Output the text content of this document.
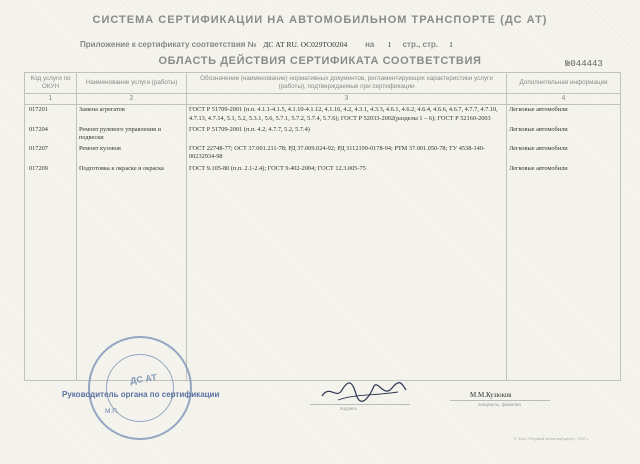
СИСТЕМА СЕРТИФИКАЦИИ НА АВТОМОБИЛЬНОМ ТРАНСПОРТЕ (ДС АТ)
Приложение к сертификату соответствия № ДС АТ RU. ОС029ТО0204 на 1 стр., стр. 1
ОБЛАСТЬ ДЕЙСТВИЯ СЕРТИФИКАТА СООТВЕТСТВИЯ	№044443
Код услуги по ОКУН	Наименование услуги (работы)	Обозначение (наименование) нормативных документов, регламентирующих характеристики услуги (работы), подтверждаемые при сертификации	Дополнительная информация
1	2	3	4
017201	Замена агрегатов	ГОСТ Р 51709-2001 (п.п. 4.1.1-4.1.5, 4.1.10-4.1.12, 4.1.16, 4.2, 4.3.1, 4.3.3, 4.6.1, 4.6.2, 4.6.4, 4.6.6, 4.6.7, 4.7.7, 4.7.10, 4.7.13, 4.7.14, 5.1, 5.2, 5.3.1, 5.6, 5.7.1, 5.7.2, 5.7.4, 5.7.6); ГОСТ Р 52033-2002(разделы 1 – 6); ГОСТ Р 52160-2003	Легковые автомобили
017204	Ремонт рулевого управления и подвески	ГОСТ Р 51709-2001 (п.п. 4.2, 4.7.7, 5.2, 5.7.4)	Легковые автомобили
017207	Ремонт кузовов	ГОСТ 22748-77; ОСТ 37.001.211-78; РД 37.009.024-92; РД 3112199-0178-94; РТМ 37.001.050-78; ТУ 4538-140-00232934-98	Легковые автомобили
017209	Подготовка к окраске и окраска	ГОСТ 9.105-80 (п.п. 2.1-2.4); ГОСТ 9.402-2004; ГОСТ 12.3.005-75	Легковые автомобили

ДС АТ
Руководитель органа по сертификации
М.П.	подпись
М.М.Кузюков
инициалы, фамилия
© ЗАО «Первый печатный двор», 2007 г.
